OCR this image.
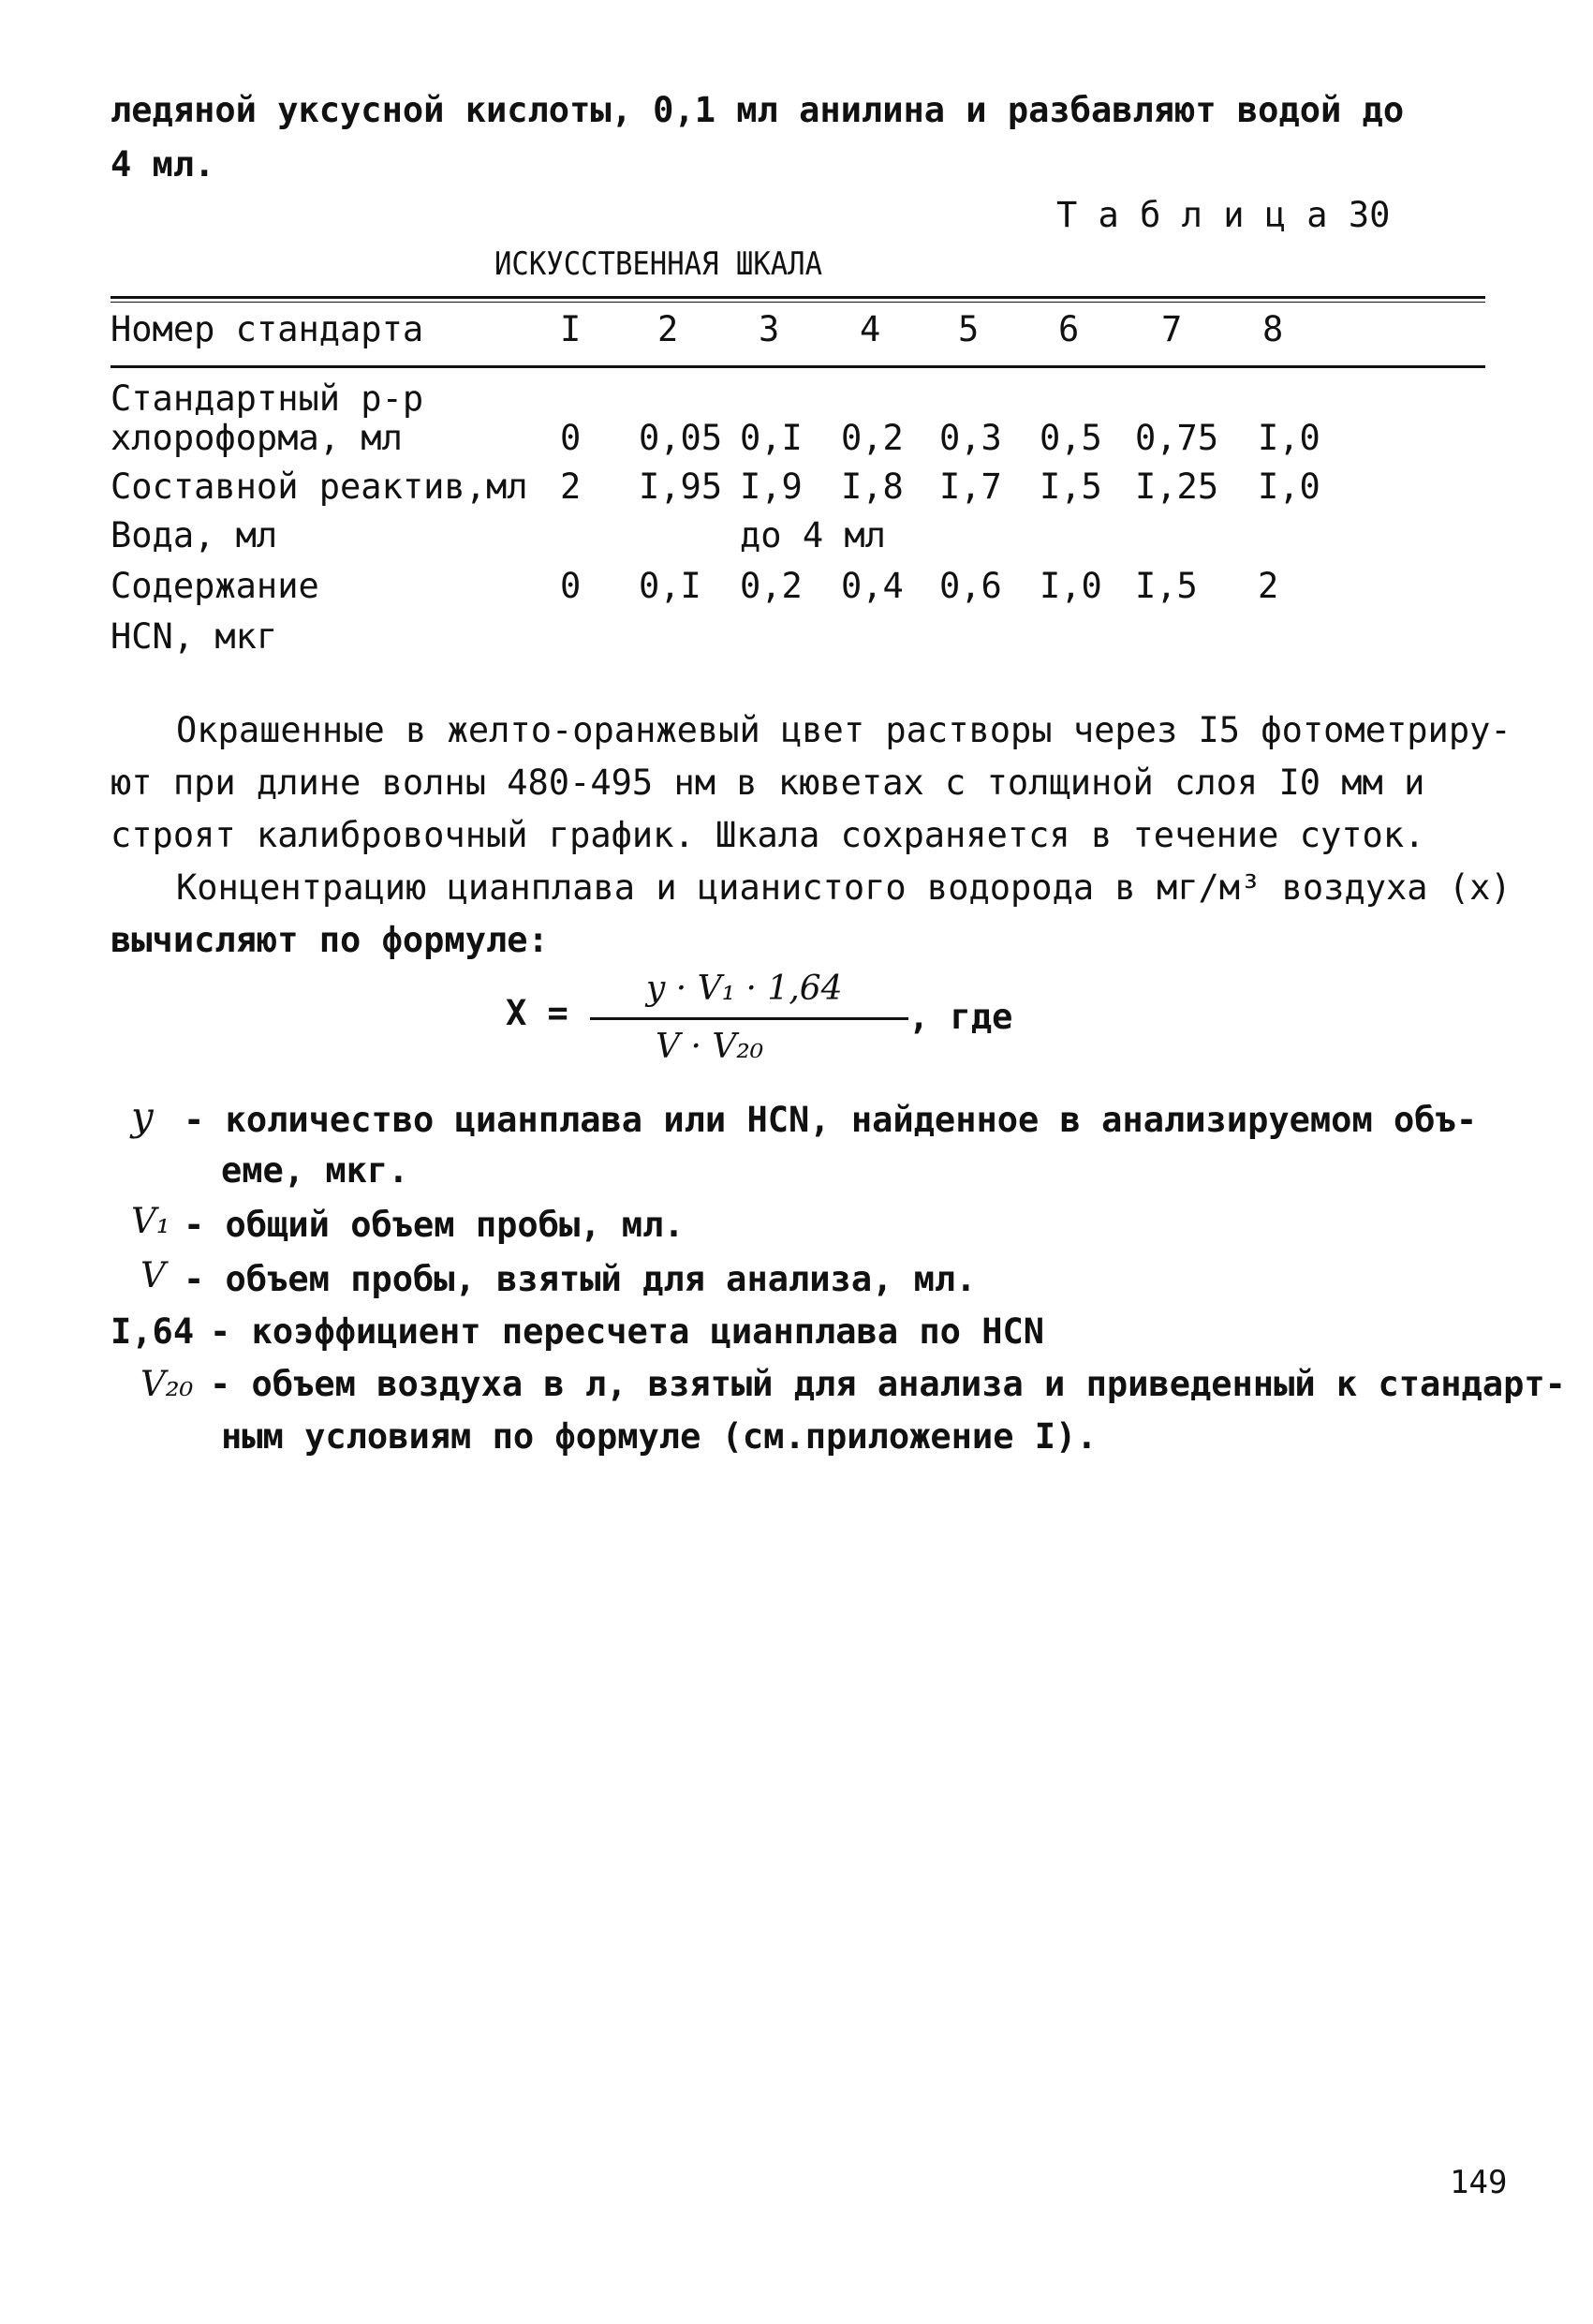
ледяной уксусной кислоты, 0,1 мл анилина и разбавляют водой до
4 мл.
Т а б л и ц а 30
ИСКУССТВЕННАЯ ШКАЛА
Номер стандарта	I 2 3 4 5 6 7 8
Стандартный р-р
хлороформа, мл	0 0,05 0,I 0,2 0,3 0,5 0,75 I,0
Составной реактив,мл 2 I,95 I,9 I,8 I,7 I,5 I,25 I,0
Вода, мл	до 4 мл
Содержание
HCN, мкг
0 0,I 0,2 0,4 0,6 I,0 I,5 2
Окрашенные в желто-оранжевый цвет растворы через I5 фотометриру-
ют при длине волны 480-495 нм в кюветах с толщиной слоя I0 мм и
строят калибровочный график. Шкала сохраняется в течение суток.
Концентрацию цианплава и цианистого водорода в мг/м³ воздуха (x)
вычисляют по формуле:
X =
y · V₁ · 1,64
V · V₂₀
, где
y - количество цианплава или HCN, найденное в анализируемом объ-
еме, мкг.
V₁ - общий объем пробы, мл.
V - объем пробы, взятый для анализа, мл.
I,64 - коэффициент пересчета цианплава по HCN
V₂₀ - объем воздуха в л, взятый для анализа и приведенный к стандарт-
ным условиям по формуле (см.приложение I).
149
